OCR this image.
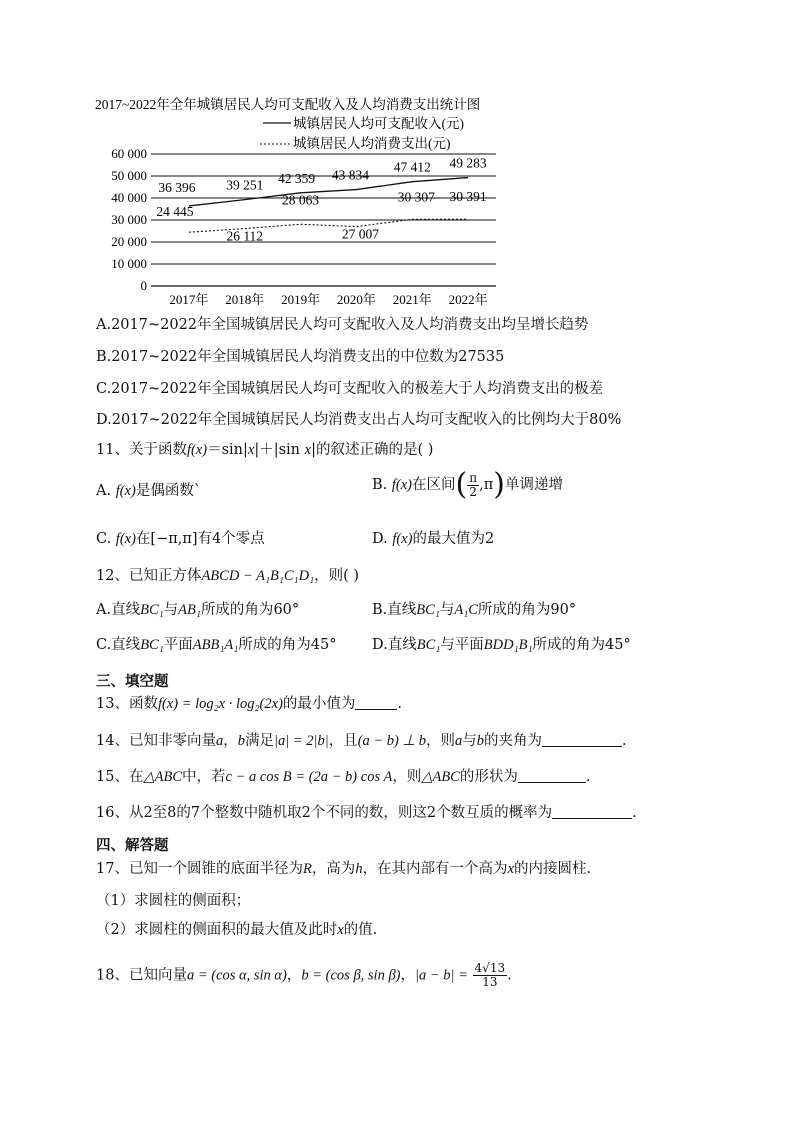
2017~2022年全年城镇居民人均可支配收入及人均消费支出统计图
城镇居民人均可支配收入(元)
城镇居民人均消费支出(元)
0
10 000
20 000
30 000
40 000
50 000
60 000
2017年 2018年 2019年 2020年 2021年 2022年
36 396 39 251 42 359 43 834
47 412 49 283
24 445
26 112
28 063
27 007
30 307 30 391
A.2017~2022年全国城镇居民人均可支配收入及人均消费支出均呈增长趋势
B.2017~2022年全国城镇居民人均消费支出的中位数为27535
C.2017~2022年全国城镇居民人均可支配收入的极差大于人均消费支出的极差
D.2017~2022年全国城镇居民人均消费支出占人均可支配收入的比例均大于80%
11、关于函数f(x)＝sin|x|＋|sin x|的叙述正确的是( )
A. f(x)是偶函数`	B. f(x)在区间( $\frac{\pi}{2} ,\pi$)单调递增
C. f(x)在[−π,π]有4个零点	D. f(x)的最大值为2
12、已知正方体ABCD − A₁B₁C₁D₁，则( )
A.直线BC₁与AB₁所成的角为60°	B.直线BC₁与A₁C所成的角为90°
C.直线BC₁平面ABB₁A₁所成的角为45° D.直线BC₁与平面BDD₁B₁所成的角为45°
三、填空题
13、函数f(x) = log₂x · log₂(2x)的最小值为	.
14、已知非零向量a，b满足|a| = 2|b|，且(a − b) ⊥ b，则a与b的夹角为	.
15、在△ABC中，若c − a cos B = (2a − b) cos A，则△ABC的形状为	.
16、从2至8的7个整数中随机取2个不同的数，则这2个数互质的概率为	.
四、解答题
17、已知一个圆锥的底面半径为R，高为h，在其内部有一个高为x的内接圆柱.
（1）求圆柱的侧面积；
（2）求圆柱的侧面积的最大值及此时x的值.
18、已知向量a = (cos α, sin α)，b = (cos β, sin β)，$|a - b| = \frac{4√13}{13}$ .
